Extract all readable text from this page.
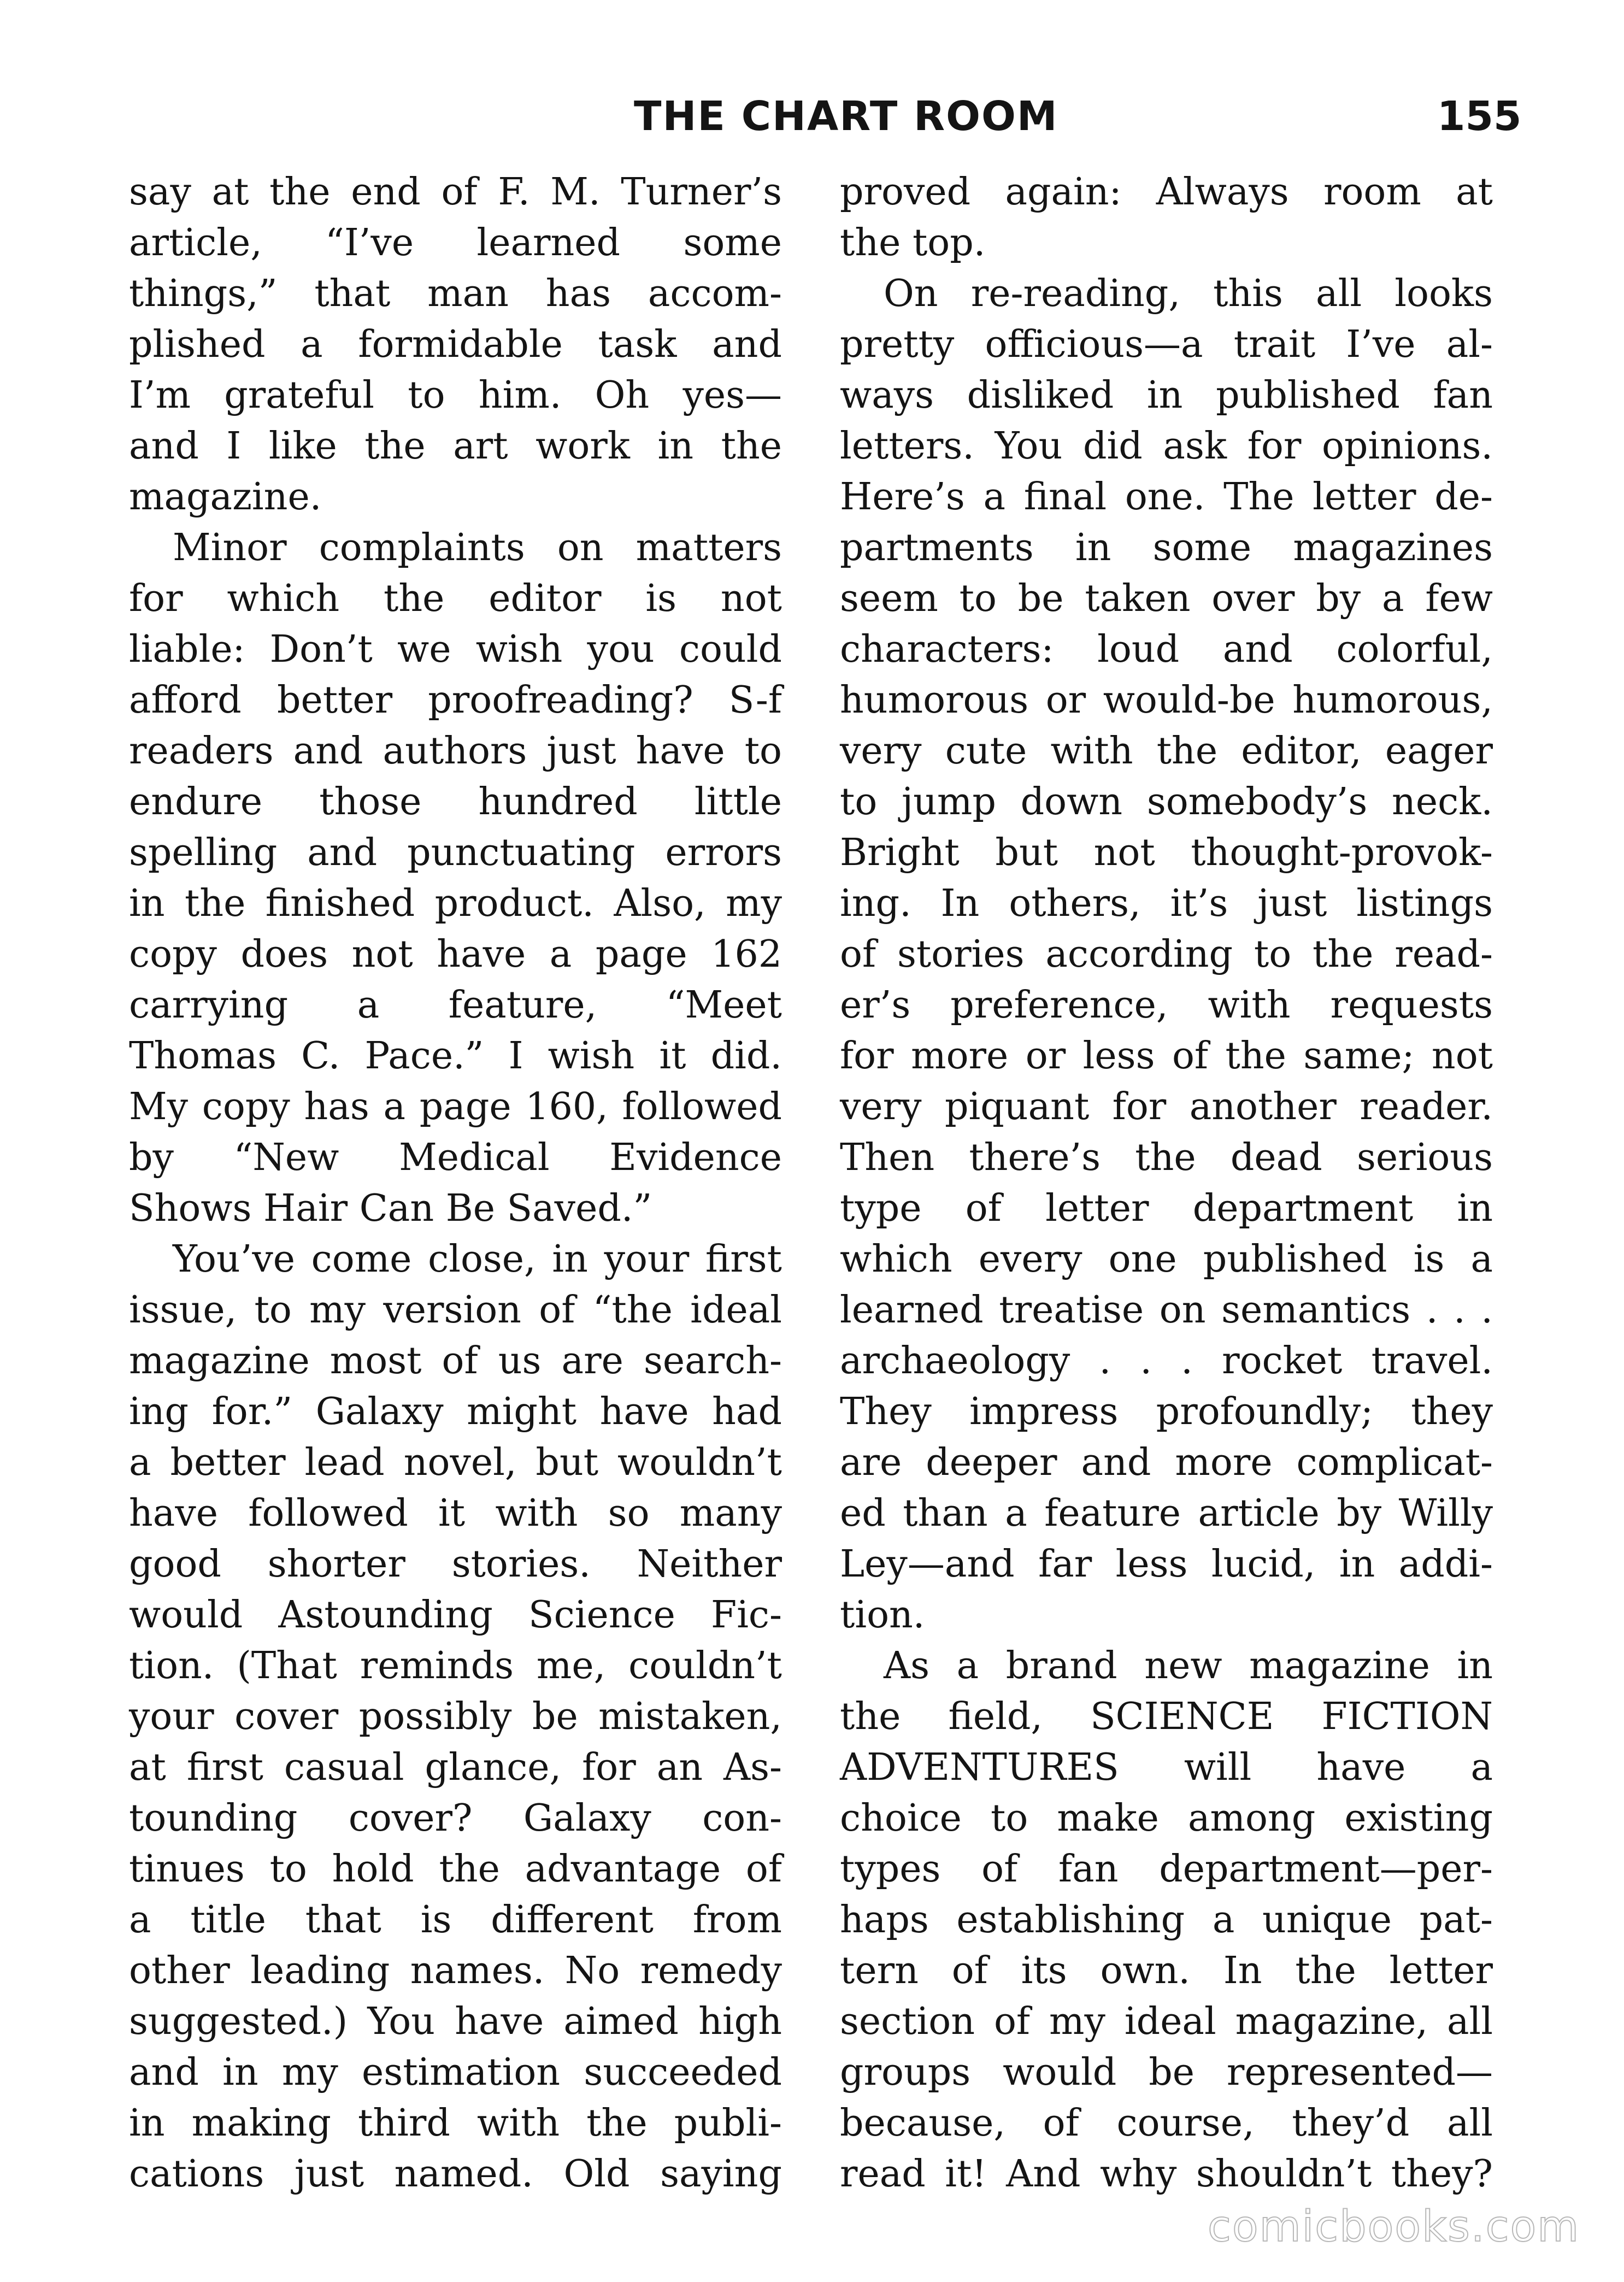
THE CHART ROOM	155
say at the end of F. M. Turner’s
article, “I’ve learned some
things,” that man has accom-
plished a formidable task and
I’m grateful to him. Oh yes—
and I like the art work in the
magazine.
Minor complaints on matters
for which the editor is not
liable: Don’t we wish you could
afford better proofreading? S-f
readers and authors just have to
endure those hundred little
spelling and punctuating errors
in the finished product. Also, my
copy does not have a page 162
carrying a feature, “Meet
Thomas C. Pace.” I wish it did.
My copy has a page 160, followed
by “New Medical Evidence
Shows Hair Can Be Saved.”
You’ve come close, in your first
issue, to my version of “the ideal
magazine most of us are search-
ing for.” Galaxy might have had
a better lead novel, but wouldn’t
have followed it with so many
good shorter stories. Neither
would Astounding Science Fic-
tion. (That reminds me, couldn’t
your cover possibly be mistaken,
at first casual glance, for an As-
tounding cover? Galaxy con-
tinues to hold the advantage of
a title that is different from
other leading names. No remedy
suggested.) You have aimed high
and in my estimation succeeded
in making third with the publi-
cations just named. Old saying
proved again: Always room at
the top.
On re-reading, this all looks
pretty officious—a trait I’ve al-
ways disliked in published fan
letters. You did ask for opinions.
Here’s a final one. The letter de-
partments in some magazines
seem to be taken over by a few
characters: loud and colorful,
humorous or would-be humorous,
very cute with the editor, eager
to jump down somebody’s neck.
Bright but not thought-provok-
ing. In others, it’s just listings
of stories according to the read-
er’s preference, with requests
for more or less of the same; not
very piquant for another reader.
Then there’s the dead serious
type of letter department in
which every one published is a
learned treatise on semantics . . .
archaeology . . . rocket travel.
They impress profoundly; they
are deeper and more complicat-
ed than a feature article by Willy
Ley—and far less lucid, in addi-
tion.
As a brand new magazine in
the field, SCIENCE FICTION
ADVENTURES will have a
choice to make among existing
types of fan department—per-
haps establishing a unique pat-
tern of its own. In the letter
section of my ideal magazine, all
groups would be represented—
because, of course, they’d all
read it! And why shouldn’t they?
comicbooks.com
